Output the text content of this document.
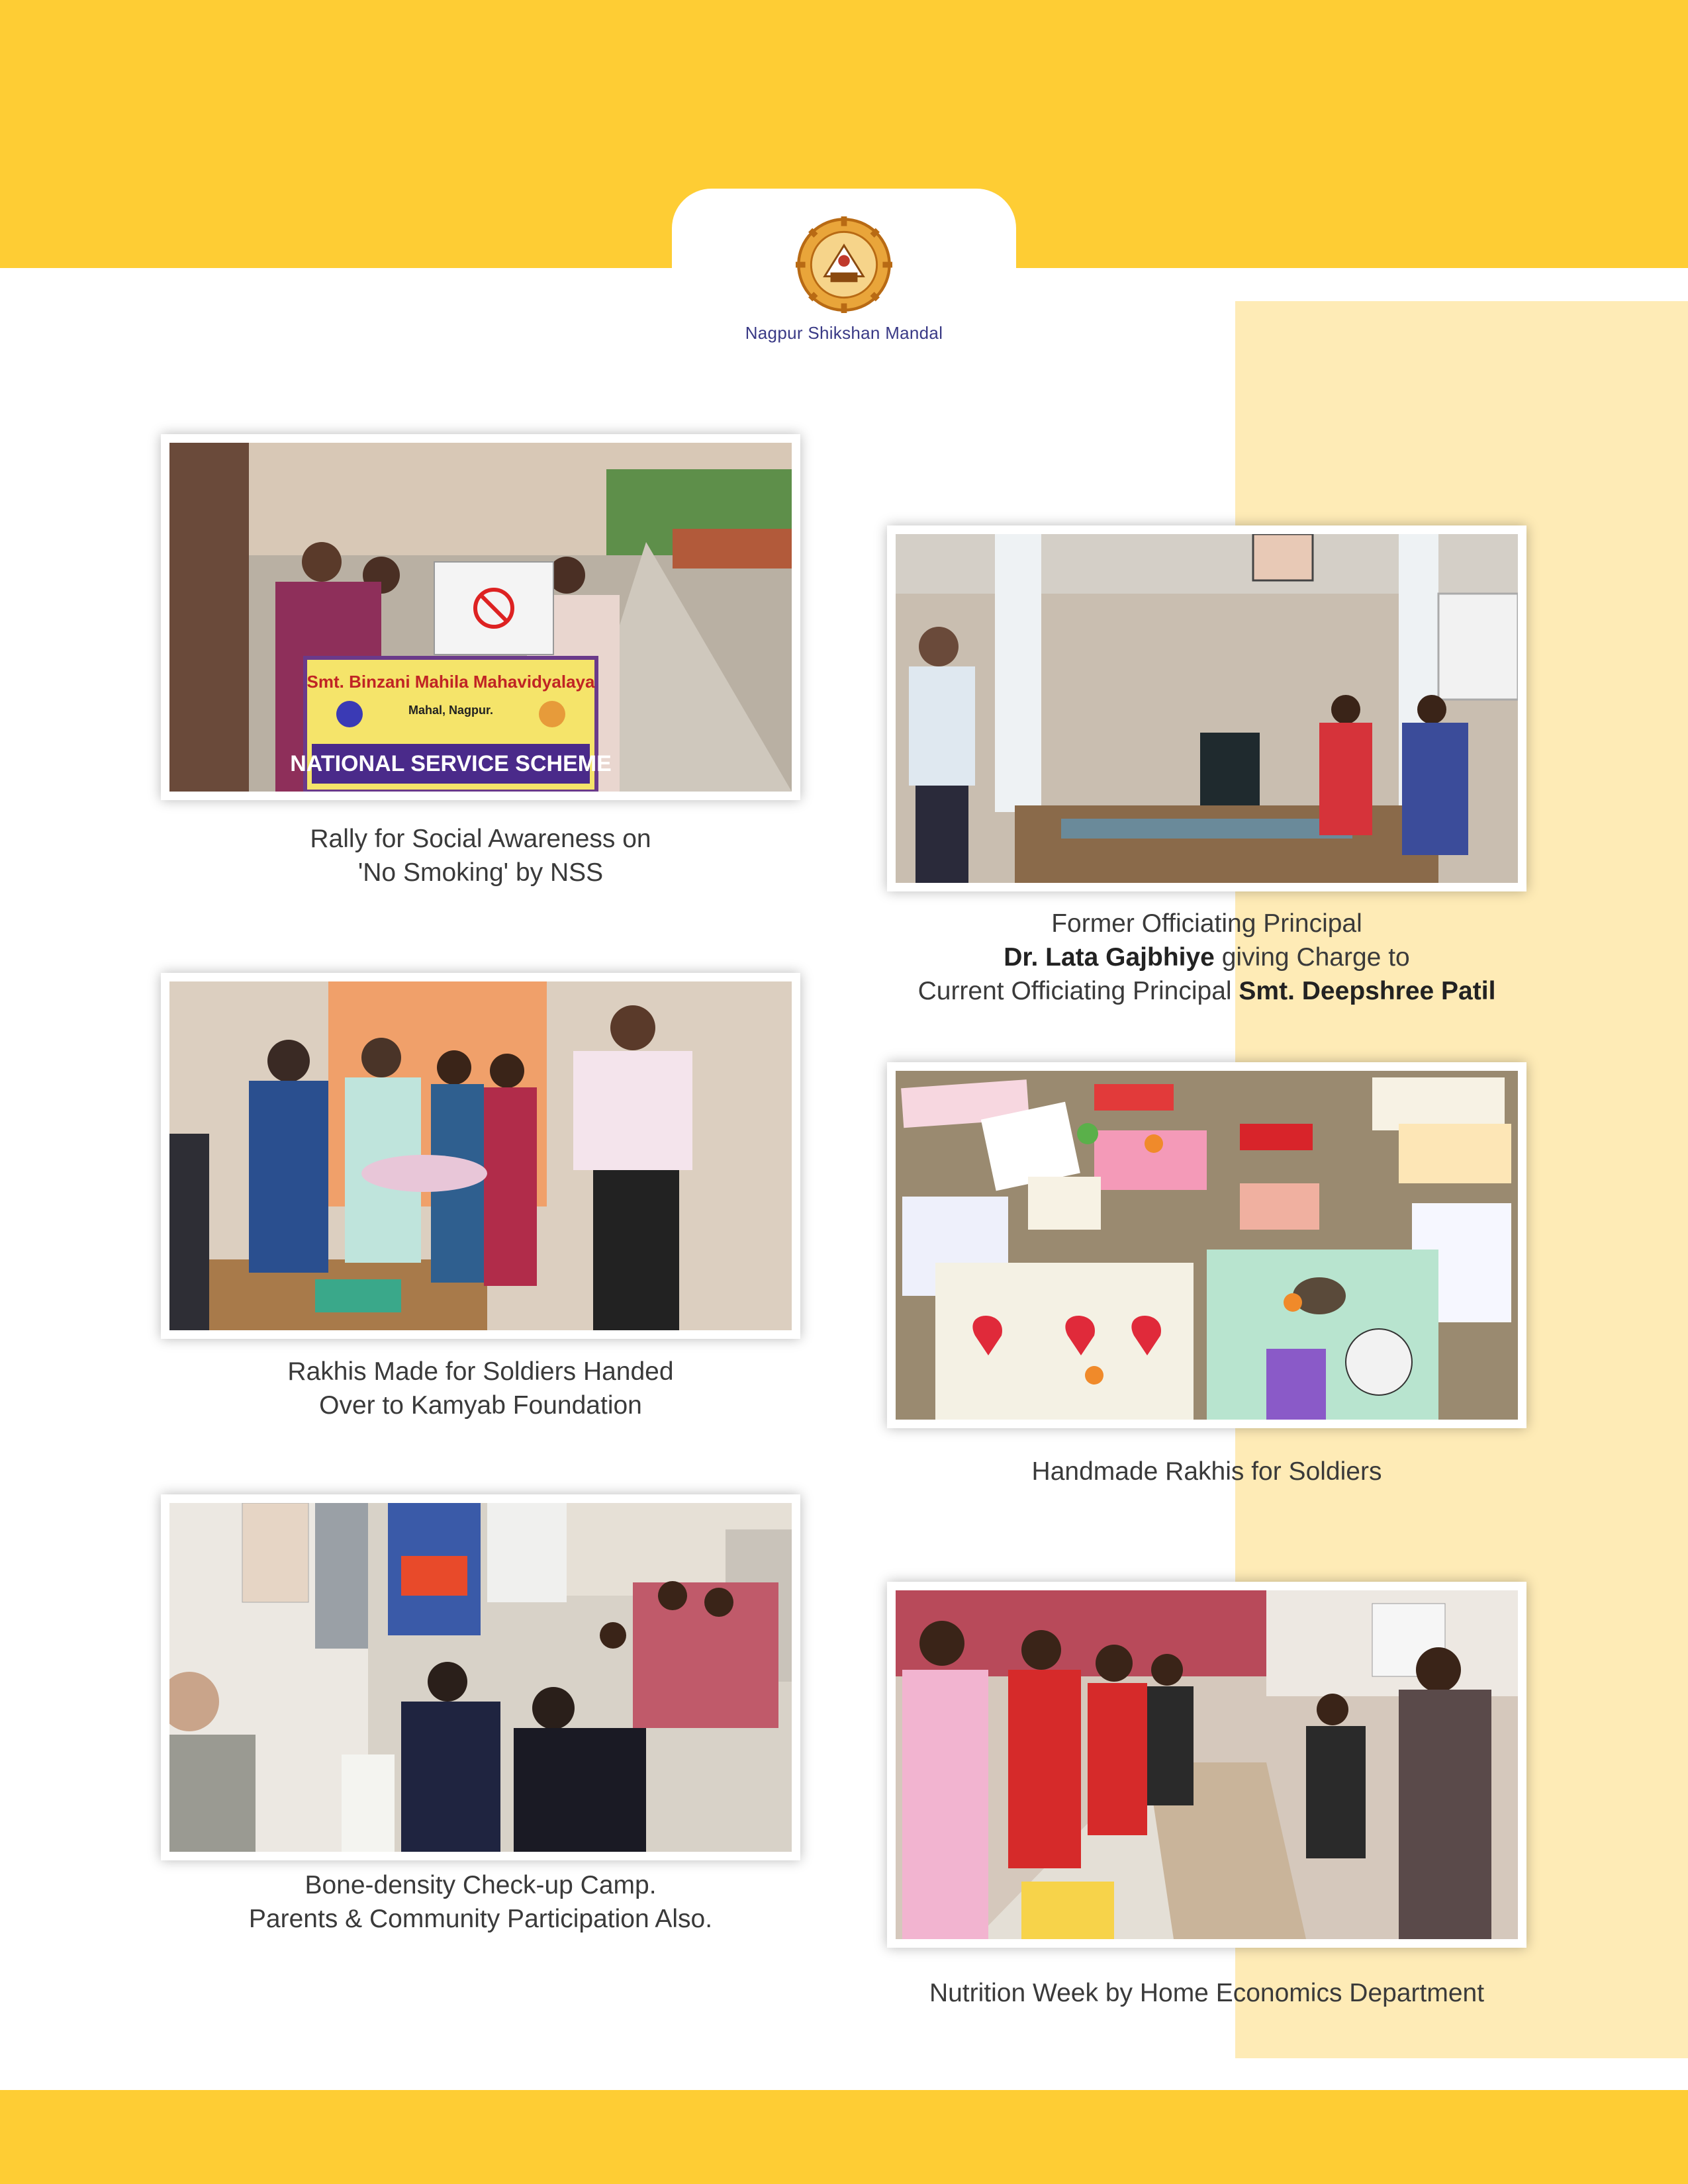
Nagpur Shikshan Mandal
Smt. Binzani Mahila Mahavidyalaya
Mahal, Nagpur.
NATIONAL SERVICE SCHEME
Rally for Social Awareness on
'No Smoking' by NSS
Former Officiating Principal
Dr. Lata Gajbhiye giving Charge to
Current Officiating Principal Smt. Deepshree Patil
Rakhis Made for Soldiers Handed
Over to Kamyab Foundation
Handmade Rakhis for Soldiers
Bone-density Check-up Camp.
Parents & Community Participation Also.
Nutrition Week by Home Economics Department
